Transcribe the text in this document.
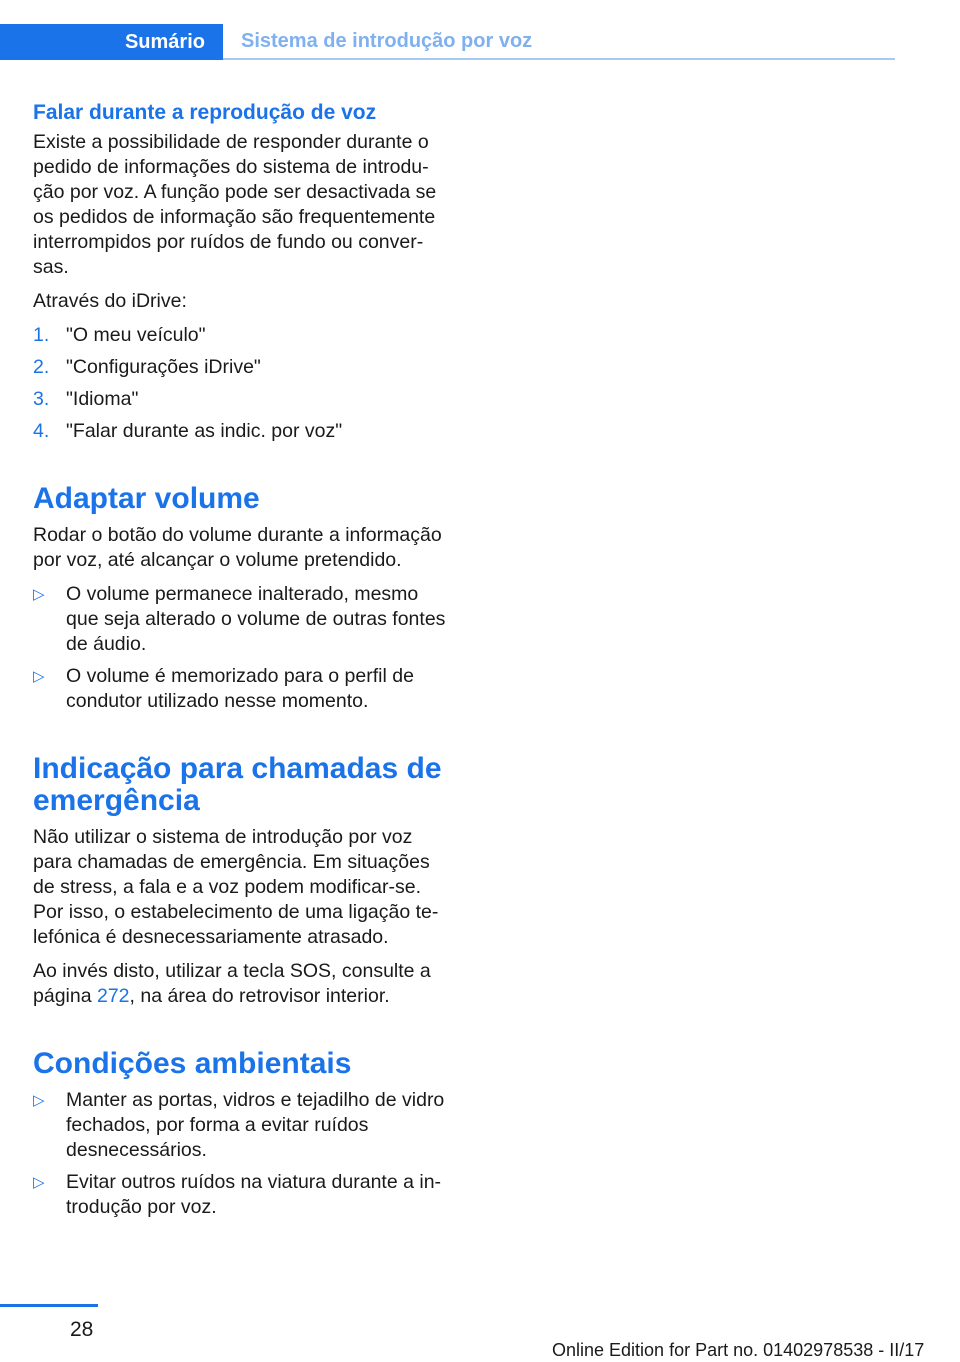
Sumário Sistema de introdução por voz
Falar durante a reprodução de voz

Existe a possibilidade de responder durante o pedido de informações do sistema de introdução por voz. A função pode ser desactivada se os pedidos de informação são frequentemente interrompidos por ruídos de fundo ou conversas.

Através do iDrive:

1. "O meu veículo"
2. "Configurações iDrive"
3. "Idioma"
4. "Falar durante as indic. por voz"
Adaptar volume

Rodar o botão do volume durante a informação por voz, até alcançar o volume pretendido.

▷	O volume permanece inalterado, mesmo que seja alterado o volume de outras fontes de áudio.
▷	O volume é memorizado para o perfil de condutor utilizado nesse momento.
Indicação para chamadas de emergência

Não utilizar o sistema de introdução por voz para chamadas de emergência. Em situações de stress, a fala e a voz podem modificar-se. Por isso, o estabelecimento de uma ligação telefónica é desnecessariamente atrasado.

Ao invés disto, utilizar a tecla SOS, consulte a página 272, na área do retrovisor interior.

Condições ambientais
▷	Manter as portas, vidros e tejadilho de vidro fechados, por forma a evitar ruídos desnecessários.
▷	Evitar outros ruídos na viatura durante a introdução por voz.
28
Online Edition for Part no. 01402978538 - II/17
